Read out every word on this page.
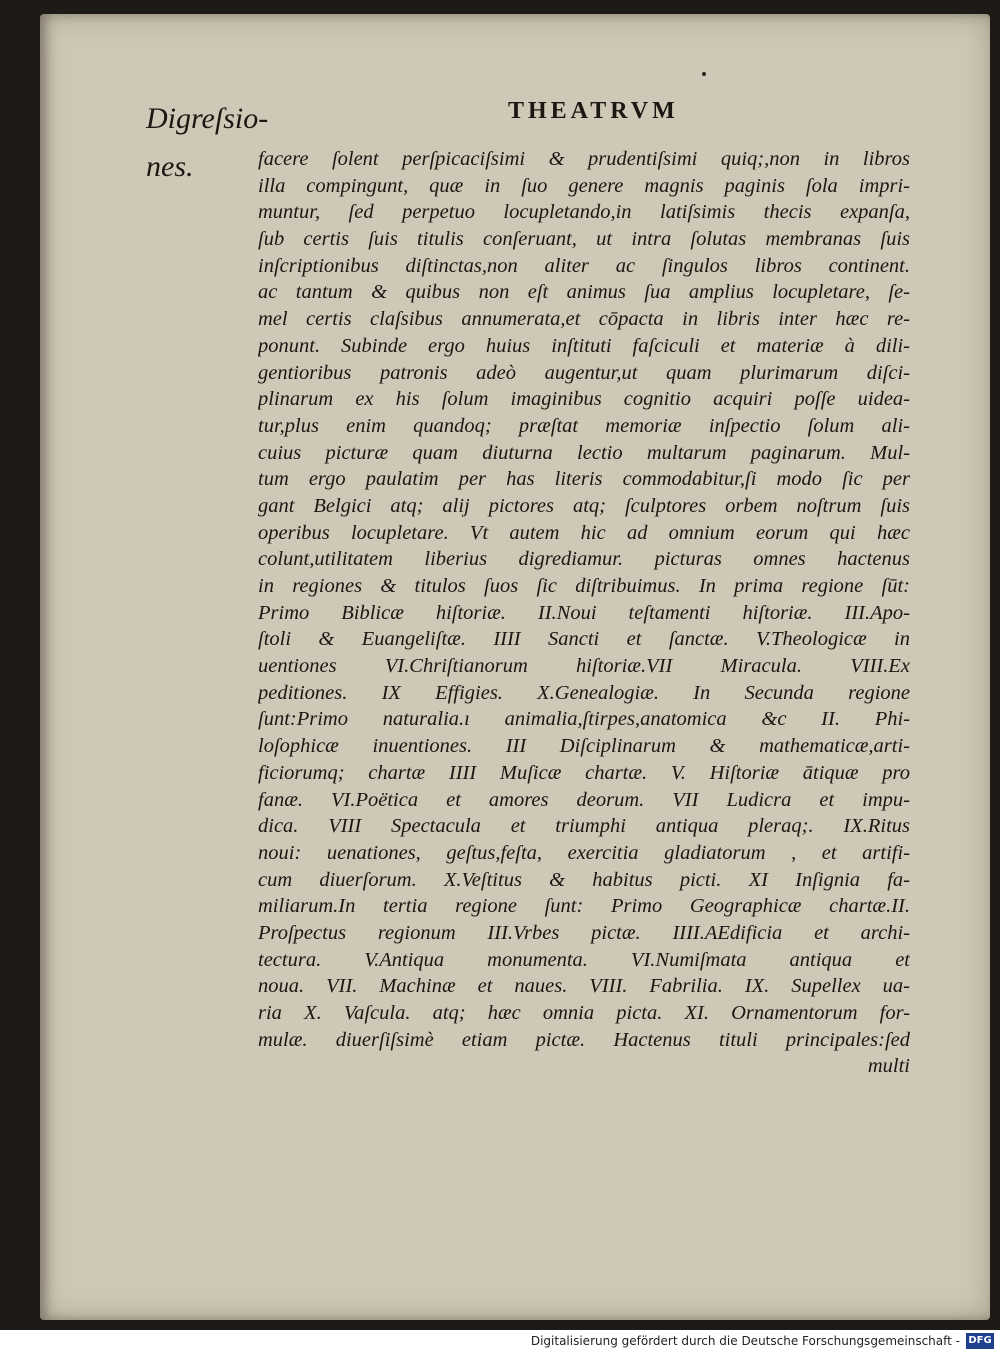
Digreſsio-
nes.
THEATRVM
facere ſolent perſpicaciſsimi & prudentiſsimi quiq;,non in libros
illa compingunt, quæ in ſuo genere magnis paginis ſola impri-
muntur, ſed perpetuo locupletando,in latiſsimis thecis expanſa,
ſub certis ſuis titulis conſeruant, ut intra ſolutas membranas ſuis
inſcriptionibus diſtinctas,non aliter ac ſingulos libros continent.
ac tantum & quibus non eſt animus ſua amplius locupletare, ſe-
mel certis claſsibus annumerata,et cōpacta in libris inter hæc re-
ponunt. Subinde ergo huius inſtituti faſciculi et materiæ à dili-
gentioribus patronis adeò augentur,ut quam plurimarum diſci-
plinarum ex his ſolum imaginibus cognitio acquiri poſſe uidea-
tur,plus enim quandoq; præſtat memoriæ inſpectio ſolum ali-
cuius picturæ quam diuturna lectio multarum paginarum. Mul-
tum ergo paulatim per has literis commodabitur,ſi modo ſic per
gant Belgici atq; alij pictores atq; ſculptores orbem noſtrum ſuis
operibus locupletare. Vt autem hic ad omnium eorum qui hæc
colunt,utilitatem liberius digrediamur. picturas omnes hactenus
in regiones & titulos ſuos ſic diſtribuimus. In prima regione ſūt:
Primo Biblicæ hiſtoriæ. II.Noui teſtamenti hiſtoriæ. III.Apo-
ſtoli & Euangeliſtæ. IIII Sancti et ſanctæ. V.Theologicæ in
uentiones VI.Chriſtianorum hiſtoriæ.VII Miracula. VIII.Ex
peditiones. IX Effigies. X.Genealogiæ. In Secunda regione
ſunt:Primo naturalia.ı animalia,ſtirpes,anatomica &c II. Phi-
loſophicæ inuentiones. III Diſciplinarum & mathematicæ,arti-
ficiorumq; chartæ IIII Muſicæ chartæ. V. Hiſtoriæ ātiquæ pro
fanæ. VI.Poëtica et amores deorum. VII Ludicra et impu-
dica. VIII Spectacula et triumphi antiqua pleraq;. IX.Ritus
noui: uenationes, geſtus,feſta, exercitia gladiatorum , et artifi-
cum diuerſorum. X.Veſtitus & habitus picti. XI Inſignia fa-
miliarum.In tertia regione ſunt: Primo Geographicæ chartæ.II.
Proſpectus regionum III.Vrbes pictæ. IIII.AEdificia et archi-
tectura. V.Antiqua monumenta. VI.Numiſmata antiqua et
noua. VII. Machinæ et naues. VIII. Fabrilia. IX. Supellex ua-
ria X. Vaſcula. atq; hæc omnia picta. XI. Ornamentorum for-
mulæ. diuerſiſsimè etiam pictæ. Hactenus tituli principales:ſed
multi
Digitalisierung gefördert durch die Deutsche Forschungsgemeinschaft - DFG
